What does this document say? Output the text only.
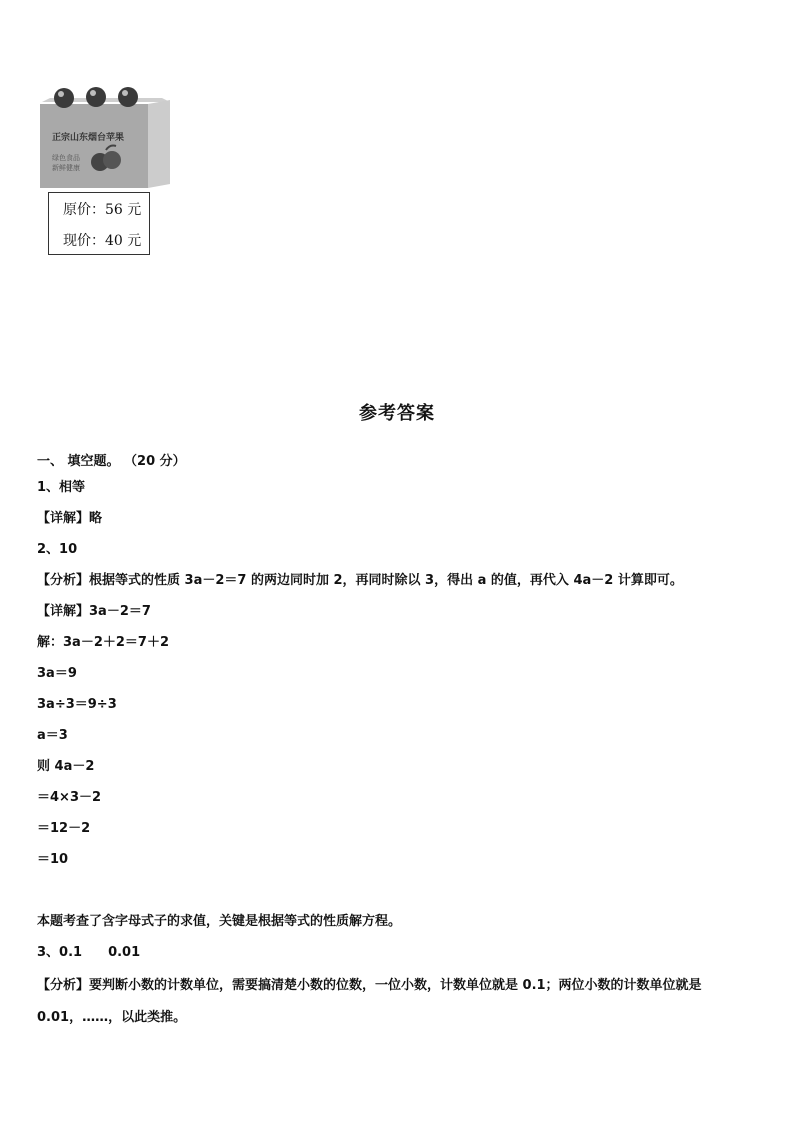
正宗山东烟台苹果
绿色食品
新鲜健康
原价：56 元
现价：40 元
参考答案
一、 填空题。 （20 分）
1、相等
【详解】略
2、10
【分析】根据等式的性质 3a－2＝7 的两边同时加 2，再同时除以 3，得出 a 的值，再代入 4a－2 计算即可。
【详解】3a－2＝7
解：3a－2＋2＝7＋2
3a＝9
3a÷3＝9÷3
a＝3
则 4a－2
＝4×3－2
＝12－2
＝10
本题考查了含字母式子的求值，关键是根据等式的性质解方程。
3、0.1　　0.01
【分析】要判断小数的计数单位，需要搞清楚小数的位数，一位小数，计数单位就是 0.1；两位小数的计数单位就是 0.01，……，以此类推。
